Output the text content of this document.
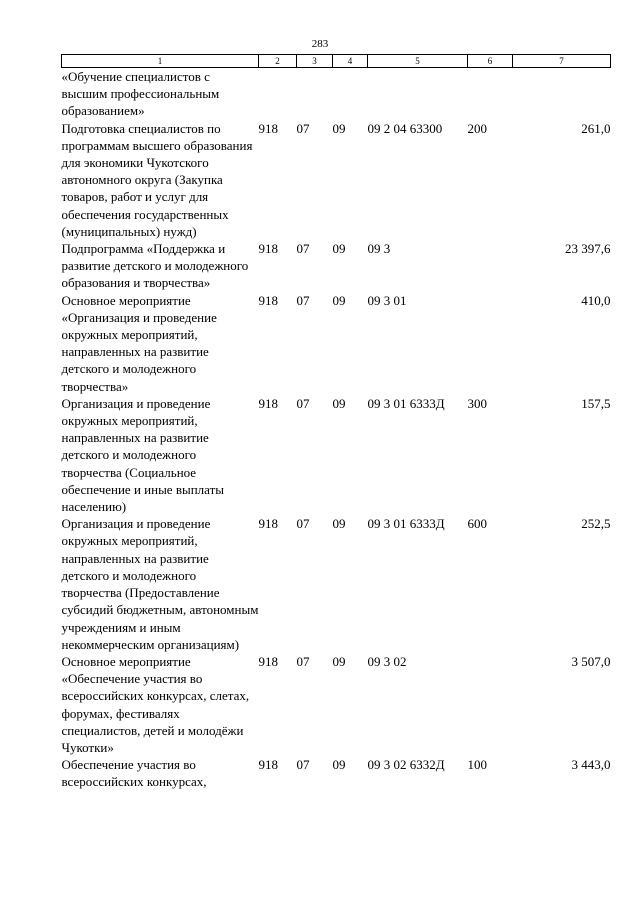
283
1	2	3	4	5	6	7
«Обучение специалистов с высшим профессиональным образованием»						
Подготовка специалистов по программам высшего образования для экономики Чукотского автономного округа (Закупка товаров, работ и услуг для обеспечения государственных (муниципальных) нужд)	918	07	09	09 2 04 63300	200	261,0
Подпрограмма «Поддержка и развитие детского и молодежного образования и творчества»	918	07	09	09 3		23 397,6
Основное мероприятие «Организация и проведение окружных мероприятий, направленных на развитие детского и молодежного творчества»	918	07	09	09 3 01		410,0
Организация и проведение окружных мероприятий, направленных на развитие детского и молодежного творчества (Социальное обеспечение и иные выплаты населению)	918	07	09	09 3 01 6333Д	300	157,5
Организация и проведение окружных мероприятий, направленных на развитие детского и молодежного творчества (Предоставление субсидий бюджетным, автономным учреждениям и иным некоммерческим организациям)	918	07	09	09 3 01 6333Д	600	252,5
Основное мероприятие «Обеспечение участия во всероссийских конкурсах, слетах, форумах, фестивалях специалистов, детей и молодёжи Чукотки»	918	07	09	09 3 02		3 507,0
Обеспечение участия во всероссийских конкурсах,	918	07	09	09 3 02 6332Д	100	3 443,0
